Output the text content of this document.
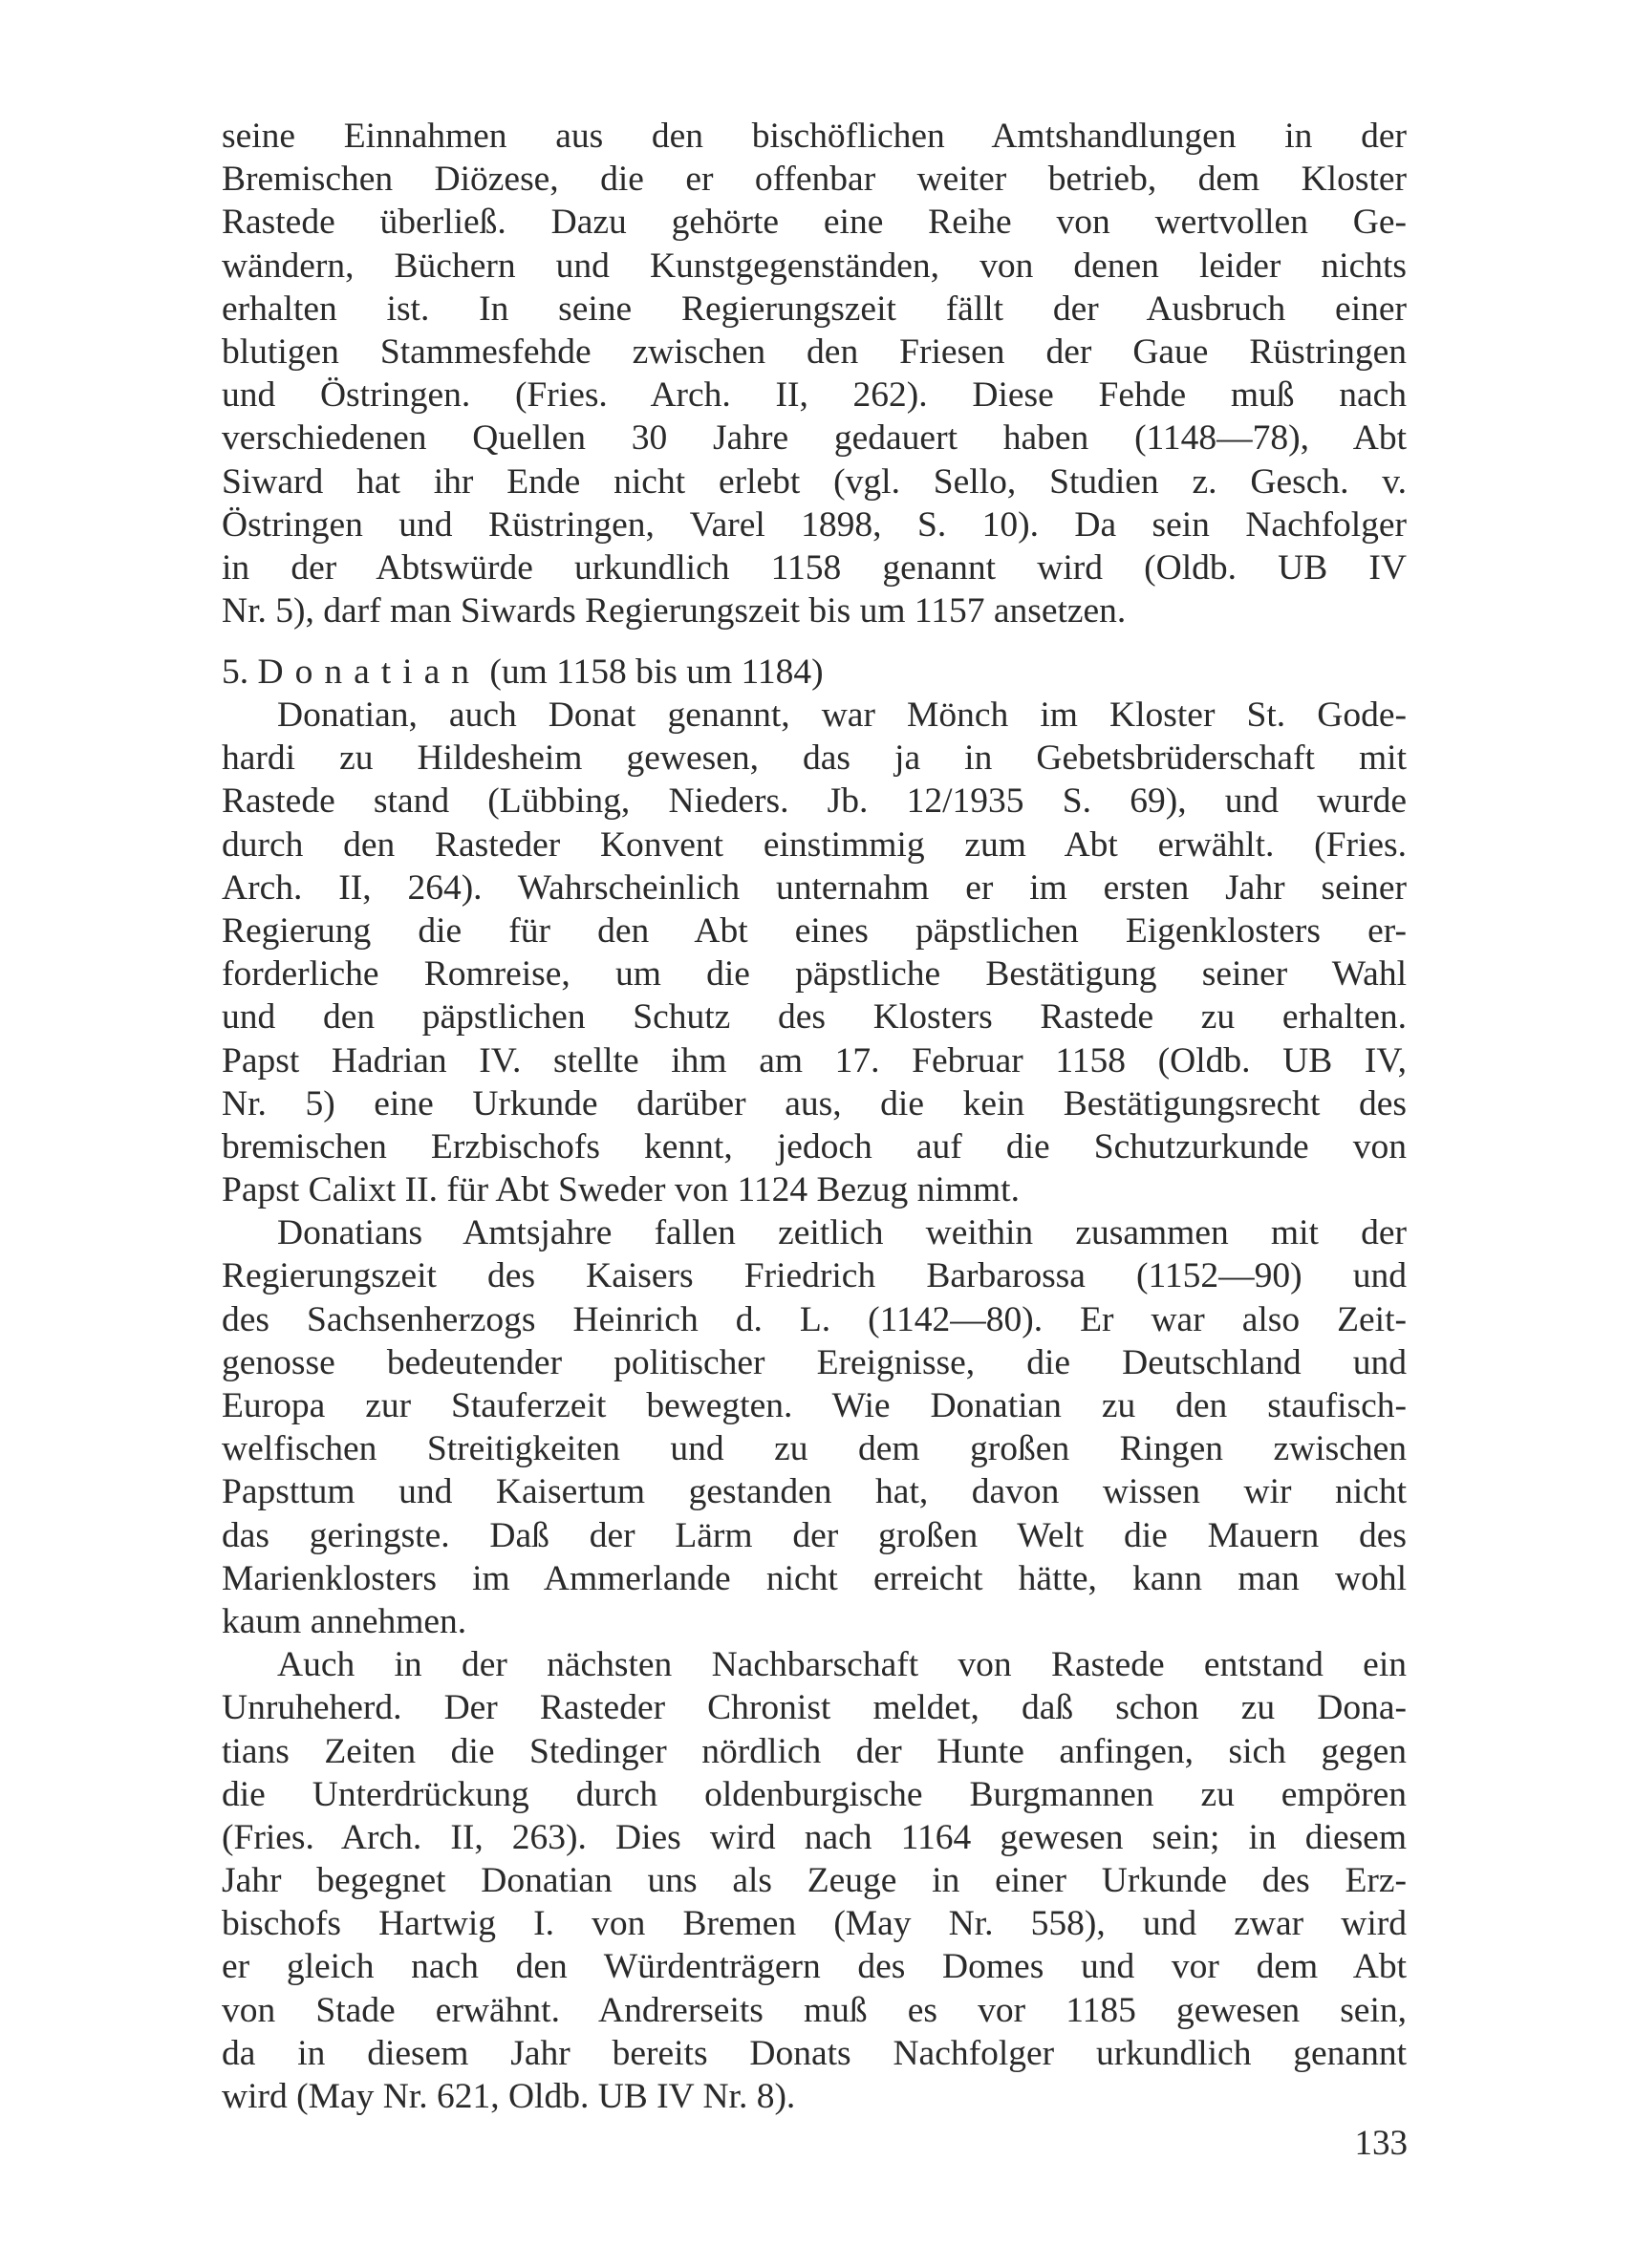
seine Einnahmen aus den bischöflichen Amtshandlungen in der
Bremischen Diözese, die er offenbar weiter betrieb, dem Kloster
Rastede überließ. Dazu gehörte eine Reihe von wertvollen Ge-
wändern, Büchern und Kunstgegenständen, von denen leider nichts
erhalten ist. In seine Regierungszeit fällt der Ausbruch einer
blutigen Stammesfehde zwischen den Friesen der Gaue Rüstringen
und Östringen. (Fries. Arch. II, 262). Diese Fehde muß nach
verschiedenen Quellen 30 Jahre gedauert haben (1148—78), Abt
Siward hat ihr Ende nicht erlebt (vgl. Sello, Studien z. Gesch. v.
Östringen und Rüstringen, Varel 1898, S. 10). Da sein Nachfolger
in der Abtswürde urkundlich 1158 genannt wird (Oldb. UB IV
Nr. 5), darf man Siwards Regierungszeit bis um 1157 ansetzen.
5. Donatian (um 1158 bis um 1184)
Donatian, auch Donat genannt, war Mönch im Kloster St. Gode-
hardi zu Hildesheim gewesen, das ja in Gebetsbrüderschaft mit
Rastede stand (Lübbing, Nieders. Jb. 12/1935 S. 69), und wurde
durch den Rasteder Konvent einstimmig zum Abt erwählt. (Fries.
Arch. II, 264). Wahrscheinlich unternahm er im ersten Jahr seiner
Regierung die für den Abt eines päpstlichen Eigenklosters er-
forderliche Romreise, um die päpstliche Bestätigung seiner Wahl
und den päpstlichen Schutz des Klosters Rastede zu erhalten.
Papst Hadrian IV. stellte ihm am 17. Februar 1158 (Oldb. UB IV,
Nr. 5) eine Urkunde darüber aus, die kein Bestätigungsrecht des
bremischen Erzbischofs kennt, jedoch auf die Schutzurkunde von
Papst Calixt II. für Abt Sweder von 1124 Bezug nimmt.
Donatians Amtsjahre fallen zeitlich weithin zusammen mit der
Regierungszeit des Kaisers Friedrich Barbarossa (1152—90) und
des Sachsenherzogs Heinrich d. L. (1142—80). Er war also Zeit-
genosse bedeutender politischer Ereignisse, die Deutschland und
Europa zur Stauferzeit bewegten. Wie Donatian zu den staufisch-
welfischen Streitigkeiten und zu dem großen Ringen zwischen
Papsttum und Kaisertum gestanden hat, davon wissen wir nicht
das geringste. Daß der Lärm der großen Welt die Mauern des
Marienklosters im Ammerlande nicht erreicht hätte, kann man wohl
kaum annehmen.
Auch in der nächsten Nachbarschaft von Rastede entstand ein
Unruheherd. Der Rasteder Chronist meldet, daß schon zu Dona-
tians Zeiten die Stedinger nördlich der Hunte anfingen, sich gegen
die Unterdrückung durch oldenburgische Burgmannen zu empören
(Fries. Arch. II, 263). Dies wird nach 1164 gewesen sein; in diesem
Jahr begegnet Donatian uns als Zeuge in einer Urkunde des Erz-
bischofs Hartwig I. von Bremen (May Nr. 558), und zwar wird
er gleich nach den Würdenträgern des Domes und vor dem Abt
von Stade erwähnt. Andrerseits muß es vor 1185 gewesen sein,
da in diesem Jahr bereits Donats Nachfolger urkundlich genannt
wird (May Nr. 621, Oldb. UB IV Nr. 8).
133
